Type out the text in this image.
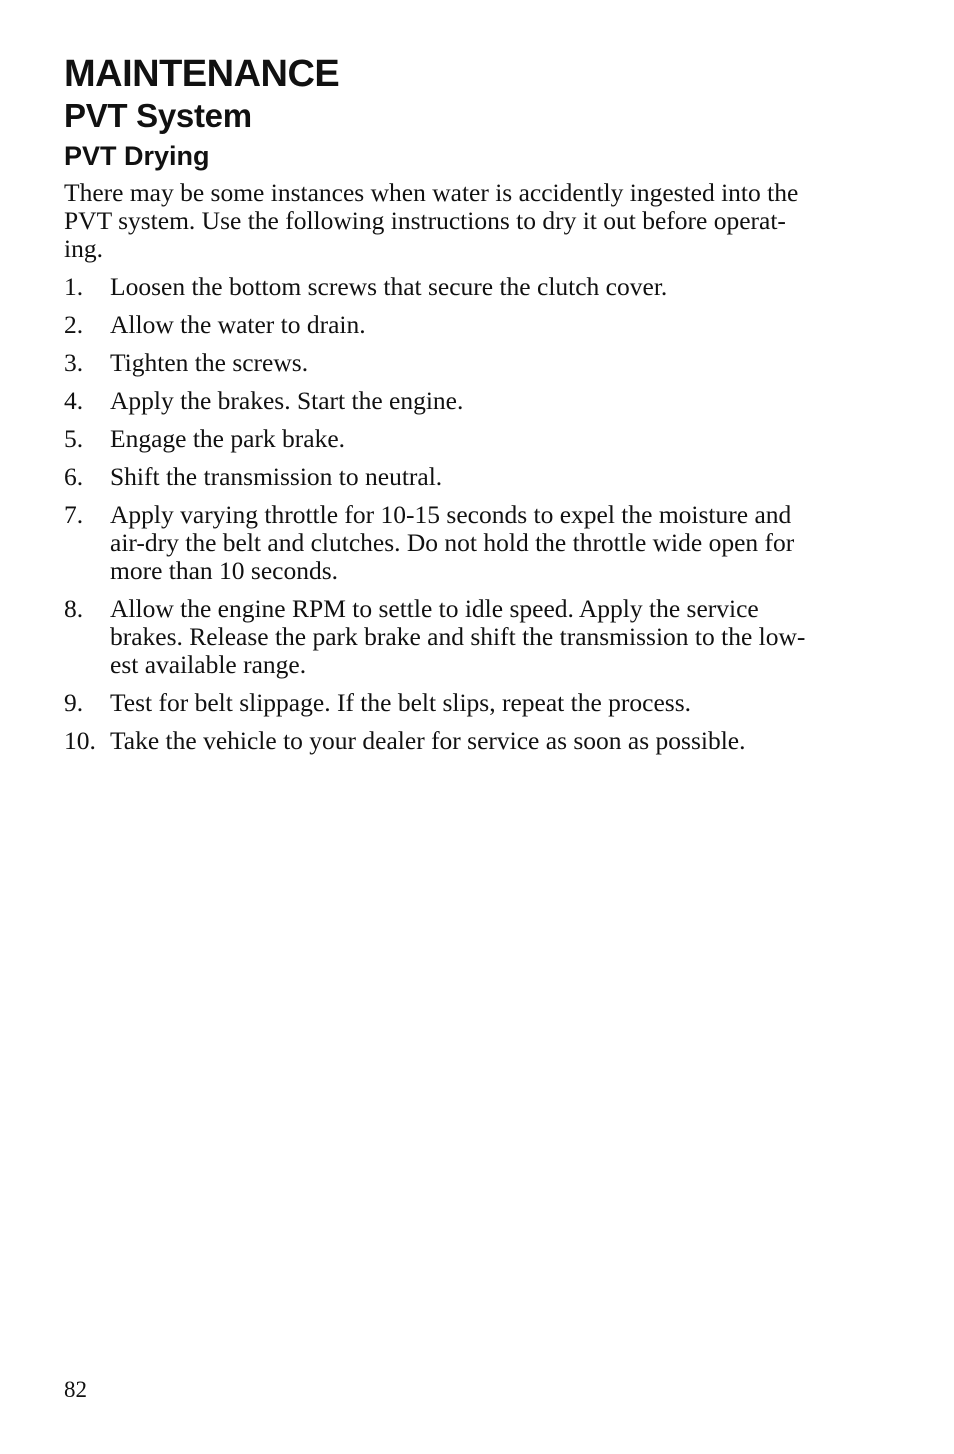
MAINTENANCE
PVT System
PVT Drying

There may be some instances when water is accidently ingested into the
PVT system. Use the following instructions to dry it out before operat-
ing.

1.	Loosen the bottom screws that secure the clutch cover.
2.	Allow the water to drain.
3.	Tighten the screws.
4.	Apply the brakes. Start the engine.
5.	Engage the park brake.
6.	Shift the transmission to neutral.
7.	Apply varying throttle for 10-15 seconds to expel the moisture and
air-dry the belt and clutches. Do not hold the throttle wide open for
more than 10 seconds.
8.	Allow the engine RPM to settle to idle speed. Apply the service
brakes. Release the park brake and shift the transmission to the low-
est available range.
9.	Test for belt slippage. If the belt slips, repeat the process.
10. Take the vehicle to your dealer for service as soon as possible.
82
